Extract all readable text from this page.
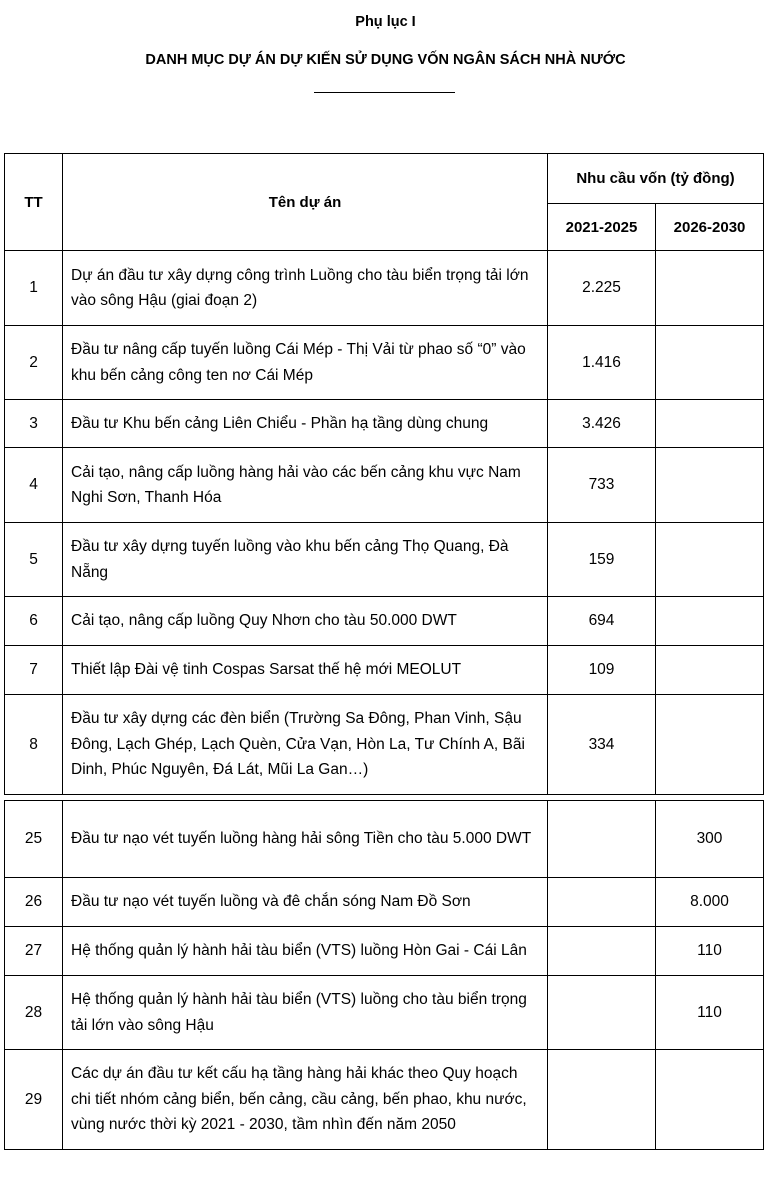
Phụ lục I
DANH MỤC DỰ ÁN DỰ KIẾN SỬ DỤNG VỐN NGÂN SÁCH NHÀ NƯỚC
TT	Tên dự án	Nhu cầu vốn (tỷ đồng)	
		2021-2025	2026-2030
1	Dự án đầu tư xây dựng công trình Luồng cho tàu biển trọng tải lớn vào sông Hậu (giai đoạn 2)	2.225	
2	Đầu tư nâng cấp tuyến luồng Cái Mép - Thị Vải từ phao số “0” vào khu bến cảng công ten nơ Cái Mép	1.416	
3	Đầu tư Khu bến cảng Liên Chiểu - Phần hạ tầng dùng chung	3.426	
4	Cải tạo, nâng cấp luồng hàng hải vào các bến cảng khu vực Nam Nghi Sơn, Thanh Hóa	733	
5	Đầu tư xây dựng tuyến luồng vào khu bến cảng Thọ Quang, Đà Nẵng	159	
6	Cải tạo, nâng cấp luồng Quy Nhơn cho tàu 50.000 DWT	694	
7	Thiết lập Đài vệ tinh Cospas Sarsat thế hệ mới MEOLUT	109	
8	Đầu tư xây dựng các đèn biển (Trường Sa Đông, Phan Vinh, Sậu Đông, Lạch Ghép, Lạch Quèn, Cửa Vạn, Hòn La, Tư Chính A, Bãi Dinh, Phúc Nguyên, Đá Lát, Mũi La Gan…)	334	
25	Đầu tư nạo vét tuyến luồng hàng hải sông Tiền cho tàu 5.000 DWT		300
26	Đầu tư nạo vét tuyến luồng và đê chắn sóng Nam Đồ Sơn		8.000
27	Hệ thống quản lý hành hải tàu biển (VTS) luồng Hòn Gai - Cái Lân		110
28	Hệ thống quản lý hành hải tàu biển (VTS) luồng cho tàu biển trọng tải lớn vào sông Hậu		110
29	Các dự án đầu tư kết cấu hạ tầng hàng hải khác theo Quy hoạch chi tiết nhóm cảng biển, bến cảng, cầu cảng, bến phao, khu nước, vùng nước thời kỳ 2021 - 2030, tầm nhìn đến năm 2050		
